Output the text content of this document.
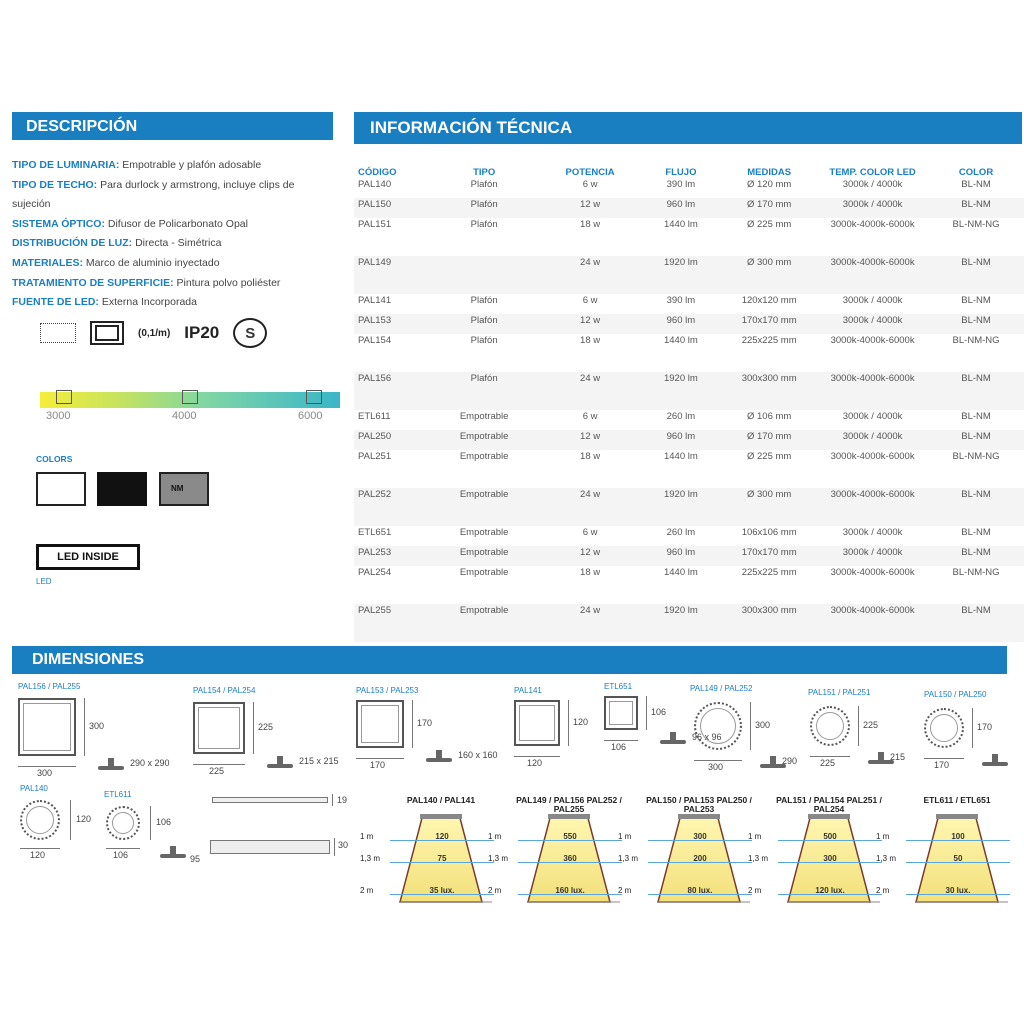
DESCRIPCIÓN	INFORMACIÓN TÉCNICA
DIMENSIONES
TIPO DE LUMINARIA: Empotrable y plafón adosable
TIPO DE TECHO: Para durlock y armstrong, incluye clips de sujeción
SISTEMA ÓPTICO: Difusor de Policarbonato Opal
DISTRIBUCIÓN DE LUZ: Directa - Simétrica
MATERIALES: Marco de aluminio inyectado
TRATAMIENTO DE SUPERFICIE: Pintura polvo poliéster
FUENTE DE LED: Externa Incorporada
(0,1/m) IP20	S
3000	4000	6000
COLORS
NM
LED INSIDE
LED
CÓDIGO	TIPO	POTENCIA	FLUJO	MEDIDAS	TEMP. COLOR LED	COLOR
PAL140	Plafón	6 w	390 lm	Ø 120 mm	3000k / 4000k	BL-NM
PAL150	Plafón	12 w	960 lm	Ø 170 mm	3000k / 4000k	BL-NM
PAL151	Plafón	18 w	1440 lm	Ø 225 mm	3000k-4000k-6000k	BL-NM-NG
PAL149		24 w	1920 lm	Ø 300 mm	3000k-4000k-6000k	BL-NM
PAL141	Plafón	6 w	390 lm	120x120 mm	3000k / 4000k	BL-NM
PAL153	Plafón	12 w	960 lm	170x170 mm	3000k / 4000k	BL-NM
PAL154	Plafón	18 w	1440 lm	225x225 mm	3000k-4000k-6000k	BL-NM-NG
PAL156	Plafón	24 w	1920 lm	300x300 mm	3000k-4000k-6000k	BL-NM
ETL611	Empotrable	6 w	260 lm	Ø 106 mm	3000k / 4000k	BL-NM
PAL250	Empotrable	12 w	960 lm	Ø 170 mm	3000k / 4000k	BL-NM
PAL251	Empotrable	18 w	1440 lm	Ø 225 mm	3000k-4000k-6000k	BL-NM-NG
PAL252	Empotrable	24 w	1920 lm	Ø 300 mm	3000k-4000k-6000k	BL-NM
ETL651	Empotrable	6 w	260 lm	106x106 mm	3000k / 4000k	BL-NM
PAL253	Empotrable	12 w	960 lm	170x170 mm	3000k / 4000k	BL-NM
PAL254	Empotrable	18 w	1440 lm	225x225 mm	3000k-4000k-6000k	BL-NM-NG
PAL255	Empotrable	24 w	1920 lm	300x300 mm	3000k-4000k-6000k	BL-NM
PAL156 / PAL255
300
300
290 x 290
PAL154 / PAL254
225
225
215 x 215
PAL153 / PAL253
170
170
160 x 160
PAL141
120
120
ETL651
106
106
96 x 96
PAL149 / PAL252
300
300
290
PAL151 / PAL251
225
225
215
PAL150 / PAL250
170
170
PAL140
120
120
ETL611
106
106
95
19
30
PAL140 / PAL141
120
1 m
75
1,3 m
35 lux.
2 m
PAL149 / PAL156 PAL252 / PAL255
550
1 m
360
1,3 m
160 lux.
2 m
PAL150 / PAL153 PAL250 / PAL253
300
1 m
200
1,3 m
80 lux.
2 m
PAL151 / PAL154 PAL251 / PAL254
500
1 m
300
1,3 m
120 lux.
2 m
ETL611 / ETL651
100
1 m
50
1,3 m
30 lux.
2 m
